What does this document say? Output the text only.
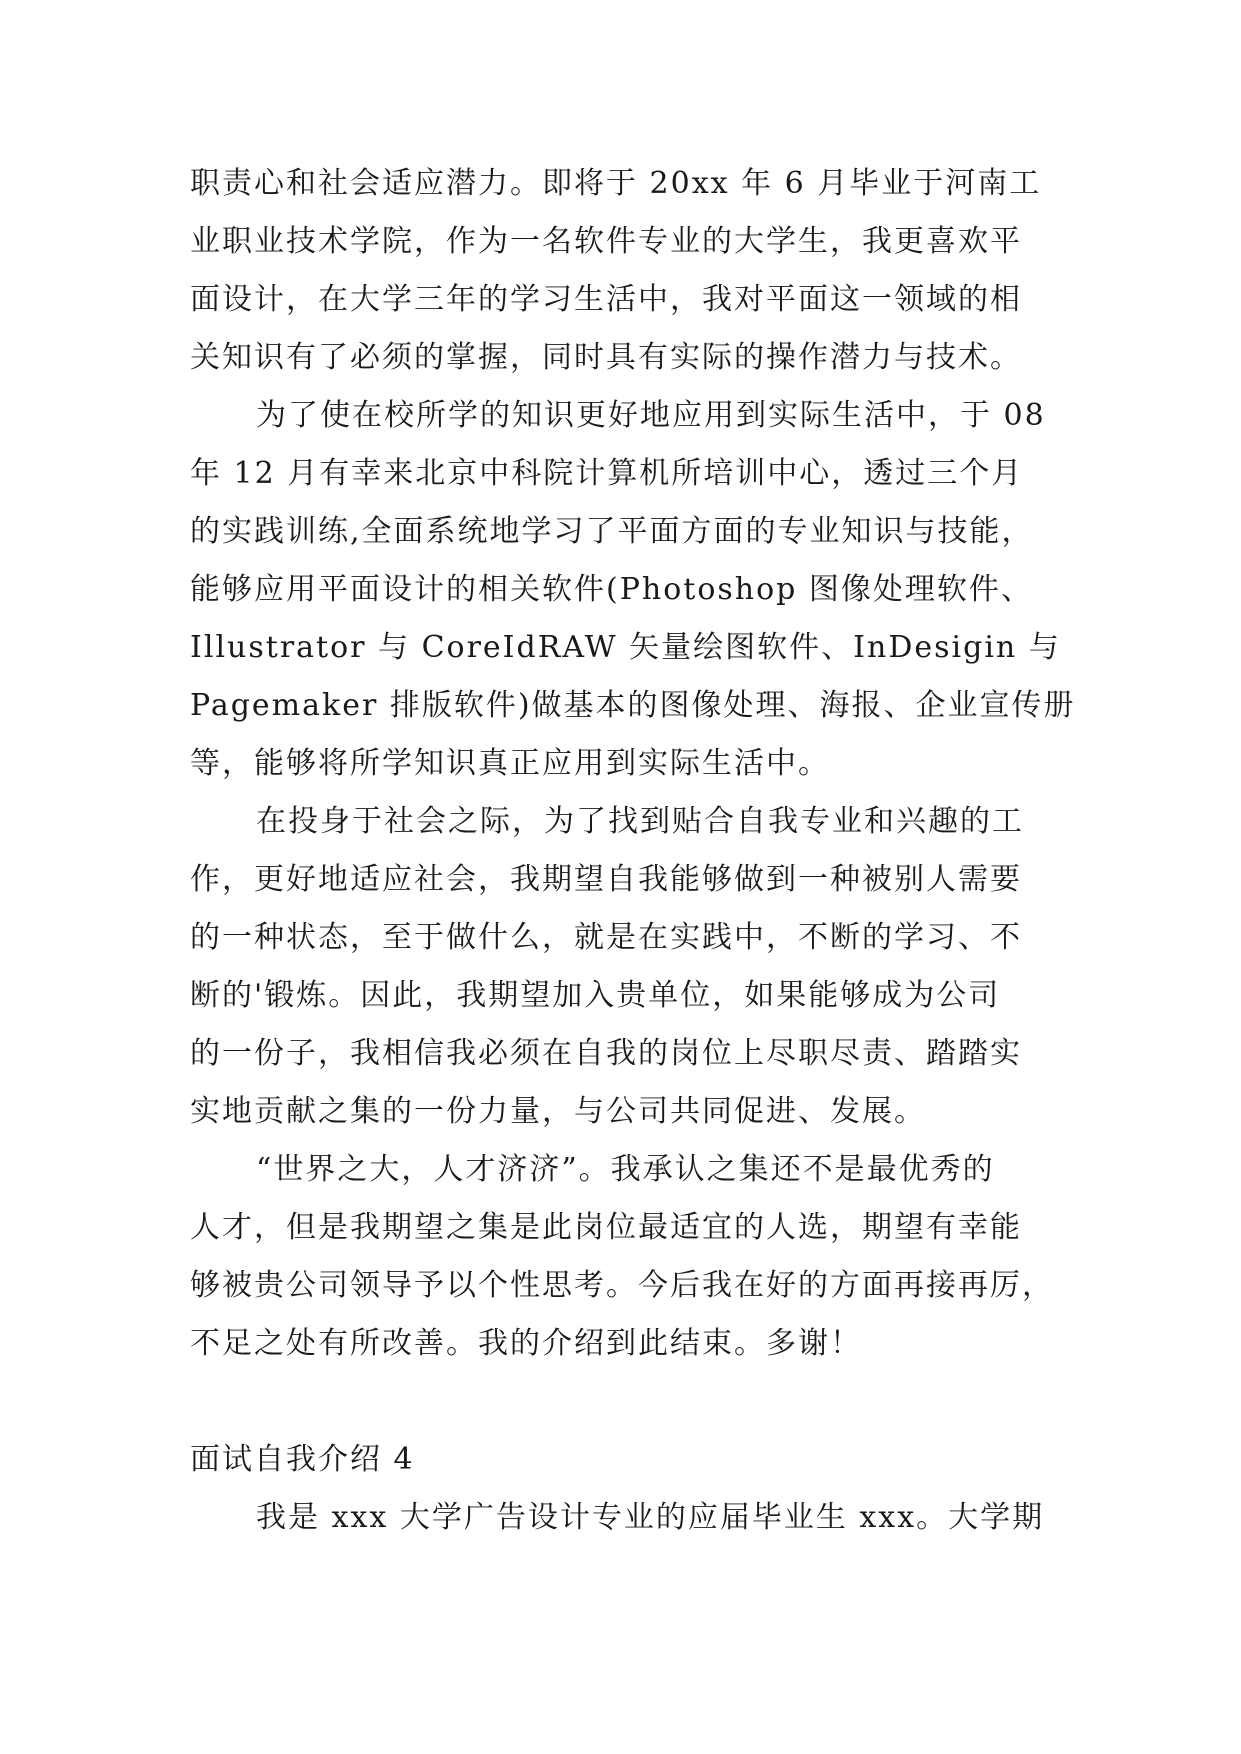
职责心和社会适应潜力。即将于 20xx 年 6 月毕业于河南工
业职业技术学院，作为一名软件专业的大学生，我更喜欢平
面设计，在大学三年的学习生活中，我对平面这一领域的相
关知识有了必须的掌握，同时具有实际的操作潜力与技术。
为了使在校所学的知识更好地应用到实际生活中，于 08
年 12 月有幸来北京中科院计算机所培训中心，透过三个月
的实践训练,全面系统地学习了平面方面的专业知识与技能，
能够应用平面设计的相关软件(Photoshop 图像处理软件、
Illustrator 与 CoreIdRAW 矢量绘图软件、InDesigin 与
Pagemaker 排版软件)做基本的图像处理、海报、企业宣传册
等，能够将所学知识真正应用到实际生活中。
在投身于社会之际，为了找到贴合自我专业和兴趣的工
作，更好地适应社会，我期望自我能够做到一种被别人需要
的一种状态，至于做什么，就是在实践中，不断的学习、不
断的'锻炼。因此，我期望加入贵单位，如果能够成为公司
的一份子，我相信我必须在自我的岗位上尽职尽责、踏踏实
实地贡献之集的一份力量，与公司共同促进、发展。
“世界之大，人才济济”。我承认之集还不是最优秀的
人才，但是我期望之集是此岗位最适宜的人选，期望有幸能
够被贵公司领导予以个性思考。今后我在好的方面再接再厉，
不足之处有所改善。我的介绍到此结束。多谢！
面试自我介绍 4
我是 xxx 大学广告设计专业的应届毕业生 xxx。大学期
